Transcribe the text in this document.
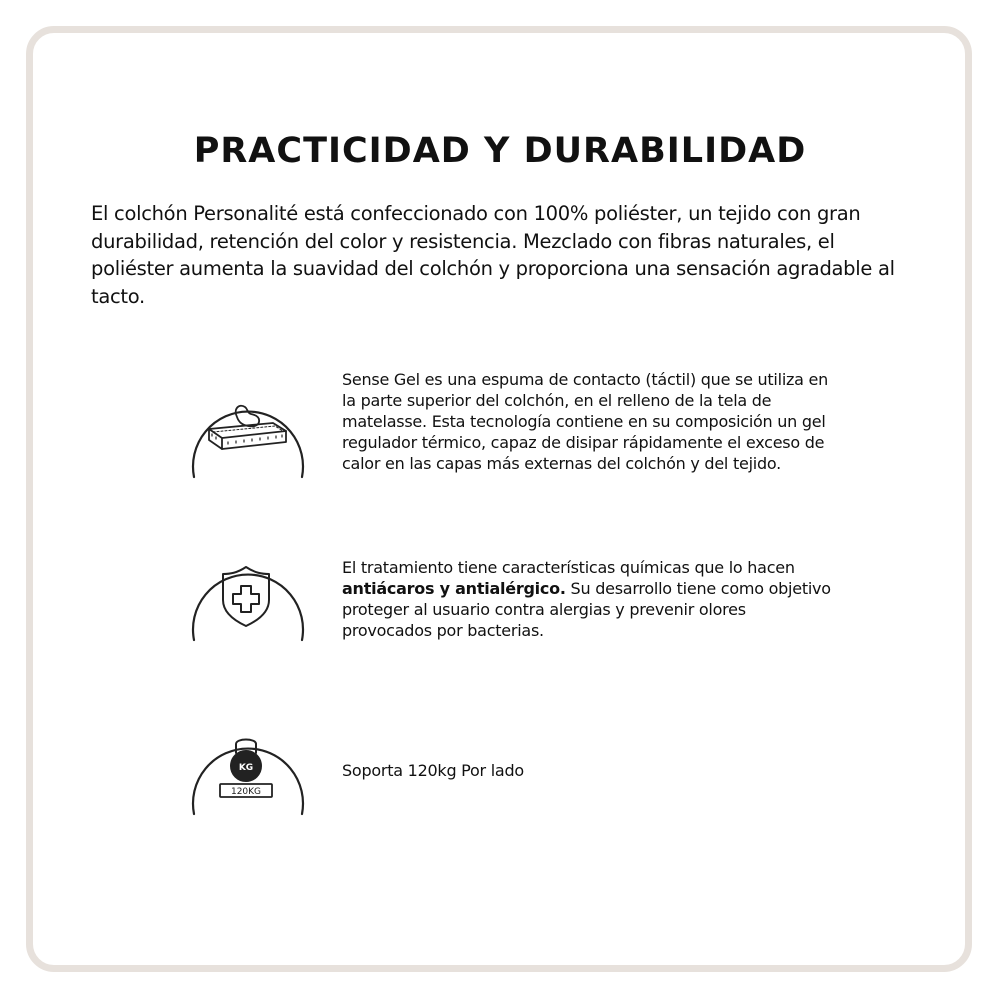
PRACTICIDAD Y DURABILIDAD

El colchón Personalité está confeccionado con 100% poliéster, un tejido con gran durabilidad, retención del color y resistencia. Mezclado con fibras naturales, el poliéster aumenta la suavidad del colchón y proporciona una sensación agradable al tacto.

Sense Gel es una espuma de contacto (táctil) que se utiliza en la parte superior del colchón, en el relleno de la tela de matelasse. Esta tecnología contiene en su composición un gel regulador térmico, capaz de disipar rápidamente el exceso de calor en las capas más externas del colchón y del tejido.
El tratamiento tiene características químicas que lo hacen antiácaros y antialérgico. Su desarrollo tiene como objetivo proteger al usuario contra alergias y prevenir olores provocados por bacterias.
KG
120KG
Soporta 120kg Por lado
